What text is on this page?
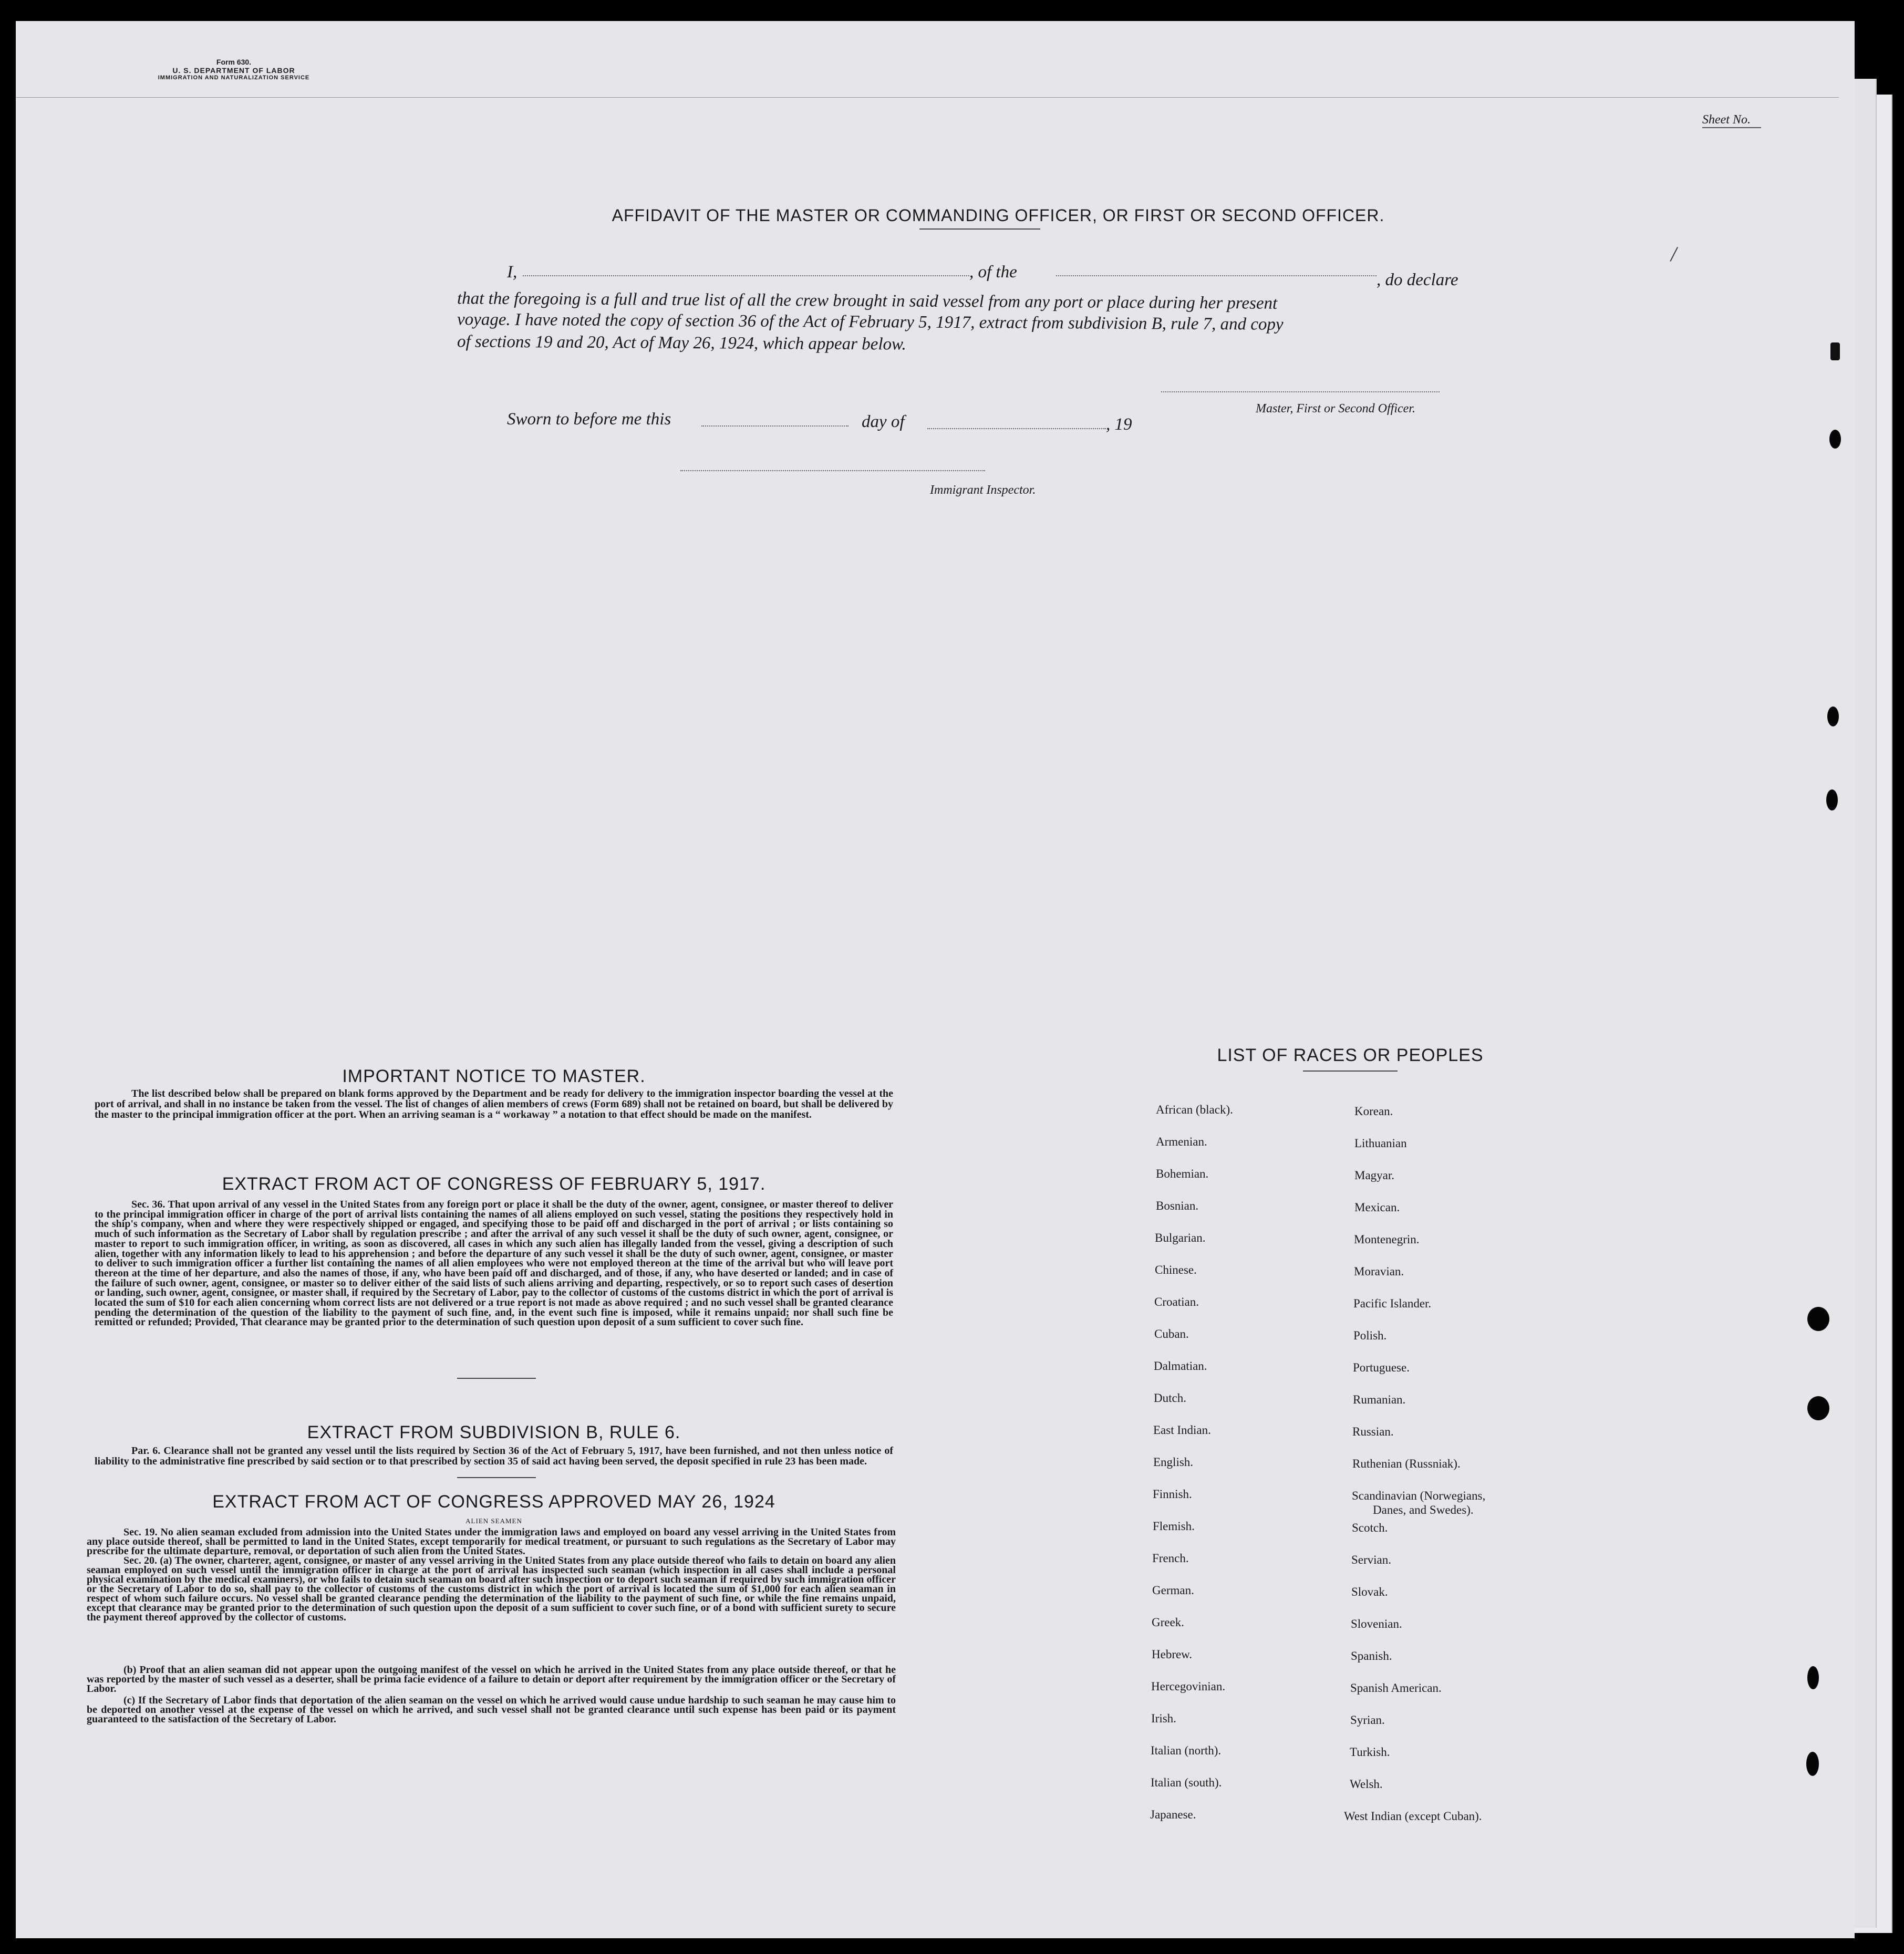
Form 630.
U. S. DEPARTMENT OF LABOR
IMMIGRATION AND NATURALIZATION SERVICE
Sheet No.
AFFIDAVIT OF THE MASTER OR COMMANDING OFFICER, OR FIRST OR SECOND OFFICER.
I,	, of the	, do declare
that the foregoing is a full and true list of all the crew brought in said vessel from any port or place during her present
voyage. I have noted the copy of section 36 of the Act of February 5, 1917, extract from subdivision B, rule 7, and copy
of sections 19 and 20, Act of May 26, 1924, which appear below.
Master, First or Second Officer.
Sworn to before me this	day of	, 19
Immigrant Inspector.
/
IMPORTANT NOTICE TO MASTER.
The list described below shall be prepared on blank forms approved by the Department and be ready for delivery to the immigration inspector boarding the vessel at the port of arrival, and shall in no instance be taken from the vessel. The list of changes of alien members of crews (Form 689) shall not be retained on board, but shall be delivered by the master to the principal immigration officer at the port. When an arriving seaman is a “ workaway ” a notation to that effect should be made on the manifest.
EXTRACT FROM ACT OF CONGRESS OF FEBRUARY 5, 1917.
Sec. 36. That upon arrival of any vessel in the United States from any foreign port or place it shall be the duty of the owner, agent, consignee, or master thereof to deliver to the principal immigration officer in charge of the port of arrival lists containing the names of all aliens employed on such vessel, stating the positions they respectively hold in the ship's company, when and where they were respectively shipped or engaged, and specifying those to be paid off and discharged in the port of arrival ; or lists containing so much of such information as the Secretary of Labor shall by regulation prescribe ; and after the arrival of any such vessel it shall be the duty of such owner, agent, consignee, or master to report to such immigration officer, in writing, as soon as discovered, all cases in which any such alien has illegally landed from the vessel, giving a description of such alien, together with any information likely to lead to his apprehension ; and before the departure of any such vessel it shall be the duty of such owner, agent, consignee, or master to deliver to such immigration officer a further list containing the names of all alien employees who were not employed thereon at the time of the arrival but who will leave port thereon at the time of her departure, and also the names of those, if any, who have been paid off and discharged, and of those, if any, who have deserted or landed; and in case of the failure of such owner, agent, consignee, or master so to deliver either of the said lists of such aliens arriving and departing, respectively, or so to report such cases of desertion or landing, such owner, agent, consignee, or master shall, if required by the Secretary of Labor, pay to the collector of customs of the customs district in which the port of arrival is located the sum of $10 for each alien concerning whom correct lists are not delivered or a true report is not made as above required ; and no such vessel shall be granted clearance pending the determination of the question of the liability to the payment of such fine, and, in the event such fine is imposed, while it remains unpaid; nor shall such fine be remitted or refunded; Provided, That clearance may be granted prior to the determination of such question upon deposit of a sum sufficient to cover such fine.
EXTRACT FROM SUBDIVISION B, RULE 6.
Par. 6. Clearance shall not be granted any vessel until the lists required by Section 36 of the Act of February 5, 1917, have been furnished, and not then unless notice of liability to the administrative fine prescribed by said section or to that prescribed by section 35 of said act having been served, the deposit specified in rule 23 has been made.
EXTRACT FROM ACT OF CONGRESS APPROVED MAY 26, 1924
ALIEN SEAMEN
Sec. 19. No alien seaman excluded from admission into the United States under the immigration laws and employed on board any vessel arriving in the United States from any place outside thereof, shall be permitted to land in the United States, except temporarily for medical treatment, or pursuant to such regulations as the Secretary of Labor may prescribe for the ultimate departure, removal, or deportation of such alien from the United States.
Sec. 20. (a) The owner, charterer, agent, consignee, or master of any vessel arriving in the United States from any place outside thereof who fails to detain on board any alien seaman employed on such vessel until the immigration officer in charge at the port of arrival has inspected such seaman (which inspection in all cases shall include a personal physical examination by the medical examiners), or who fails to detain such seaman on board after such inspection or to deport such seaman if required by such immigration officer or the Secretary of Labor to do so, shall pay to the collector of customs of the customs district in which the port of arrival is located the sum of $1,000 for each alien seaman in respect of whom such failure occurs. No vessel shall be granted clearance pending the determination of the liability to the payment of such fine, or while the fine remains unpaid, except that clearance may be granted prior to the determination of such question upon the deposit of a sum sufficient to cover such fine, or of a bond with sufficient surety to secure the payment thereof approved by the collector of customs.
(b) Proof that an alien seaman did not appear upon the outgoing manifest of the vessel on which he arrived in the United States from any place outside thereof, or that he was reported by the master of such vessel as a deserter, shall be prima facie evidence of a failure to detain or deport after requirement by the immigration officer or the Secretary of Labor.
(c) If the Secretary of Labor finds that deportation of the alien seaman on the vessel on which he arrived would cause undue hardship to such seaman he may cause him to be deported on another vessel at the expense of the vessel on which he arrived, and such vessel shall not be granted clearance until such expense has been paid or its payment guaranteed to the satisfaction of the Secretary of Labor.
LIST OF RACES OR PEOPLES
African (black).
Armenian.
Bohemian.
Bosnian.
Bulgarian.
Chinese.
Croatian.
Cuban.
Dalmatian.
Dutch.
East Indian.
English.
Finnish.
Flemish.
French.
German.
Greek.
Hebrew.
Hercegovinian.
Irish.
Italian (north).
Italian (south).
Japanese.
Korean.
Lithuanian
Magyar.
Mexican.
Montenegrin.
Moravian.
Pacific Islander.
Polish.
Portuguese.
Rumanian.
Russian.
Ruthenian (Russniak).
Scandinavian (Norwegians,
Danes, and Swedes).
Scotch.
Servian.
Slovak.
Slovenian.
Spanish.
Spanish American.
Syrian.
Turkish.
Welsh.
West Indian (except Cuban).
